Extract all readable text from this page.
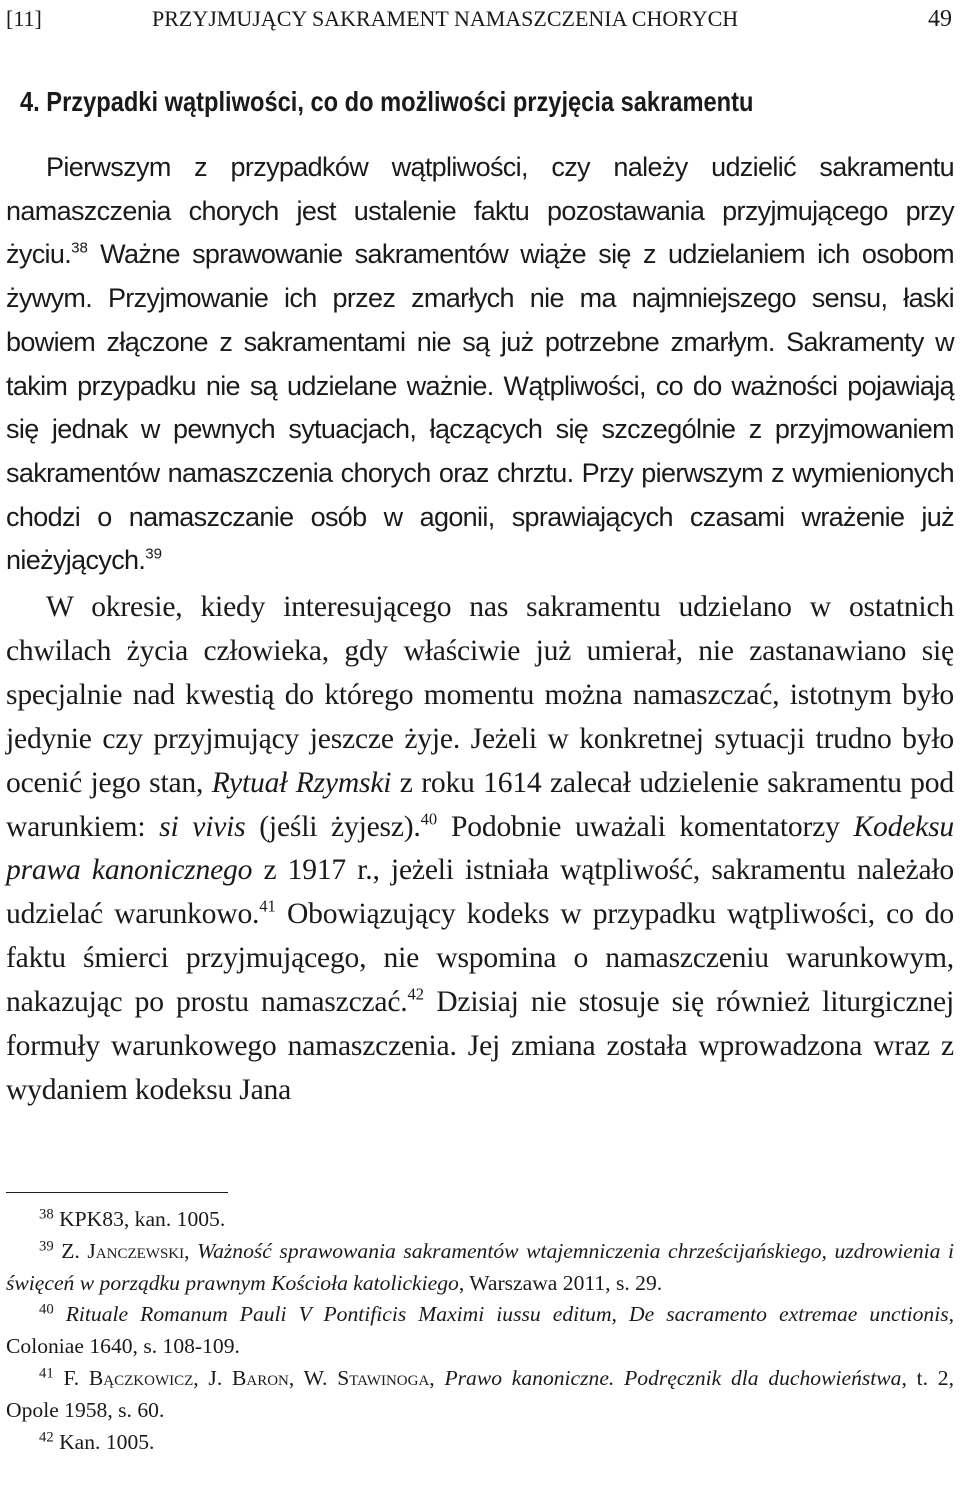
[11]	PRZYJMUJĄCY SAKRAMENT NAMASZCZENIA CHORYCH	49
4. Przypadki wątpliwości, co do możliwości przyjęcia sakramentu

Pierwszym z przypadków wątpliwości, czy należy udzielić sakramentu namaszczenia chorych jest ustalenie faktu pozostawania przyjmującego przy życiu.$^{38}$ Ważne sprawowanie sakramentów wiąże się z udzielaniem ich osobom żywym. Przyjmowanie ich przez zmarłych nie ma najmniejszego sensu, łaski bowiem złączone z sakramentami nie są już potrzebne zmarłym. Sakramenty w takim przypadku nie są udzielane ważnie. Wątpliwości, co do ważności pojawiają się jednak w pewnych sytuacjach, łączących się szczególnie z przyjmowaniem sakramentów namaszczenia chorych oraz chrztu. Przy pierwszym z wymienionych chodzi o namaszczanie osób w agonii, sprawiających czasami wrażenie już nieżyjących.$^{39}$

W okresie, kiedy interesującego nas sakramentu udzielano w ostatnich chwilach życia człowieka, gdy właściwie już umierał, nie zastanawiano się specjalnie nad kwestią do którego momentu można namaszczać, istotnym było jedynie czy przyjmujący jeszcze żyje. Jeżeli w konkretnej sytuacji trudno było ocenić jego stan, Rytuał Rzymski z roku 1614 zalecał udzielenie sakramentu pod warunkiem: si vivis (jeśli żyjesz).$^{40}$ Podobnie uważali komentatorzy Kodeksu prawa kanonicznego z 1917 r., jeżeli istniała wątpliwość, sakramentu należało udzielać warunkowo.$^{41}$ Obowiązujący kodeks w przypadku wątpliwości, co do faktu śmierci przyjmującego, nie wspomina o namaszczeniu warunkowym, nakazując po prostu namaszczać.$^{42}$ Dzisiaj nie stosuje się również liturgicznej formuły warunkowego namaszczenia. Jej zmiana została wprowadzona wraz z wydaniem kodeksu Jana

$^{38}$ KPK83, kan. 1005.

$^{39}$ Z. Janczewski, Ważność sprawowania sakramentów wtajemniczenia chrześcijańskiego, uzdrowienia i święceń w porządku prawnym Kościoła katolickiego, Warszawa 2011, s. 29.

$^{40}$ Rituale Romanum Pauli V Pontificis Maximi iussu editum, De sacramento extremae unctionis, Coloniae 1640, s. 108-109.

$^{41}$ F. Bączkowicz, J. Baron, W. Stawinoga, Prawo kanoniczne. Podręcznik dla duchowieństwa, t. 2, Opole 1958, s. 60.

$^{42}$ Kan. 1005.
